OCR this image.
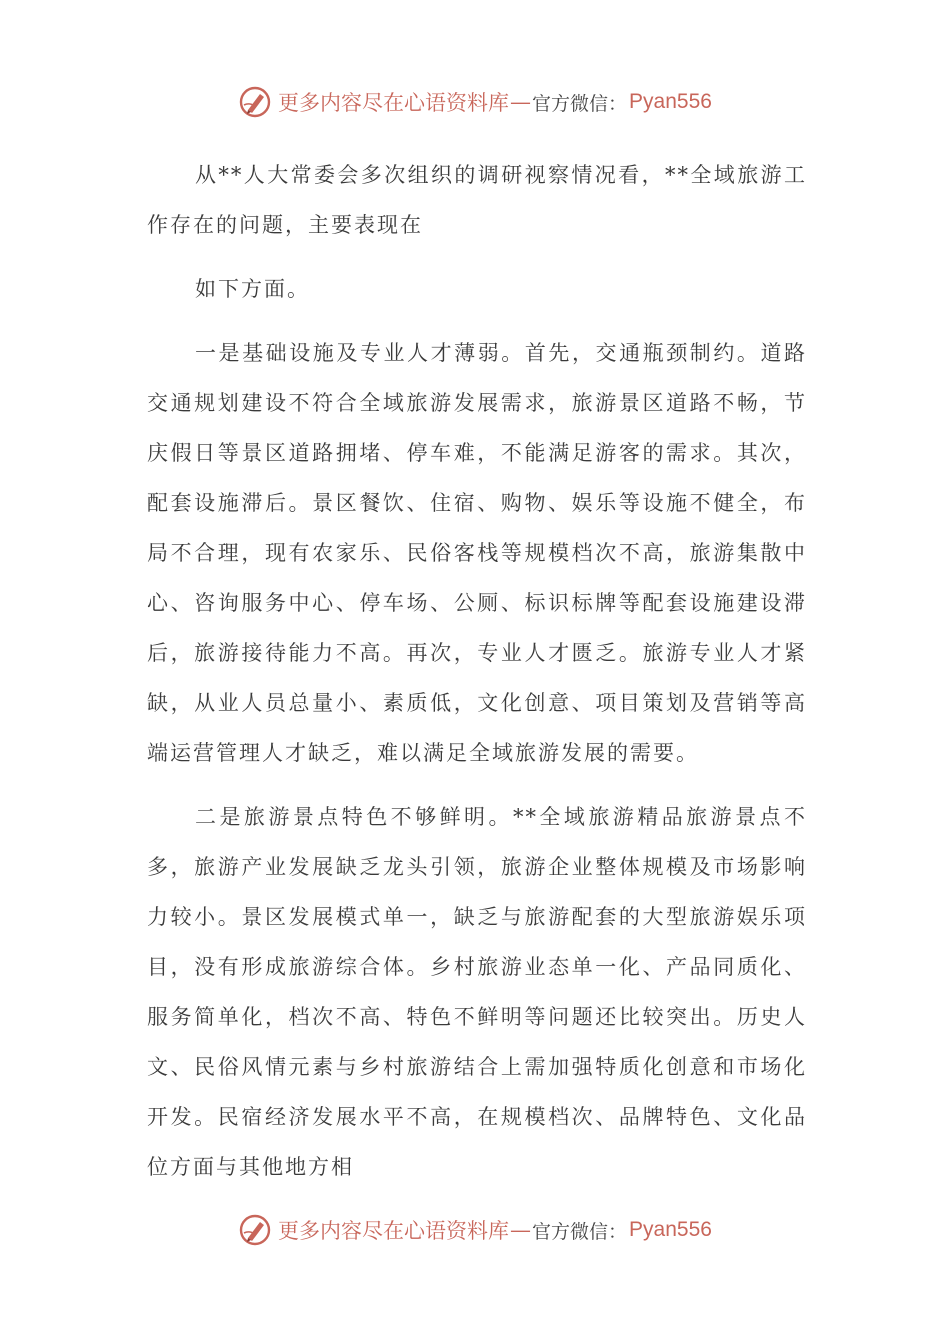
更多内容尽在心语资料库 — 官方微信： Pyan556

从**人大常委会多次组织的调研视察情况看，**全域旅游工作存在的问题，主要表现在

如下方面。

一是基础设施及专业人才薄弱。首先，交通瓶颈制约。道路交通规划建设不符合全域旅游发展需求，旅游景区道路不畅，节庆假日等景区道路拥堵、停车难，不能满足游客的需求。其次，配套设施滞后。景区餐饮、住宿、购物、娱乐等设施不健全，布局不合理，现有农家乐、民俗客栈等规模档次不高，旅游集散中心、咨询服务中心、停车场、公厕、标识标牌等配套设施建设滞后，旅游接待能力不高。再次，专业人才匮乏。旅游专业人才紧缺，从业人员总量小、素质低，文化创意、项目策划及营销等高端运营管理人才缺乏，难以满足全域旅游发展的需要。

二是旅游景点特色不够鲜明。**全域旅游精品旅游景点不多，旅游产业发展缺乏龙头引领，旅游企业整体规模及市场影响力较小。景区发展模式单一，缺乏与旅游配套的大型旅游娱乐项目，没有形成旅游综合体。乡村旅游业态单一化、产品同质化、服务简单化，档次不高、特色不鲜明等问题还比较突出。历史人文、民俗风情元素与乡村旅游结合上需加强特质化创意和市场化开发。民宿经济发展水平不高，在规模档次、品牌特色、文化品位方面与其他地方相

更多内容尽在心语资料库 — 官方微信： Pyan556
